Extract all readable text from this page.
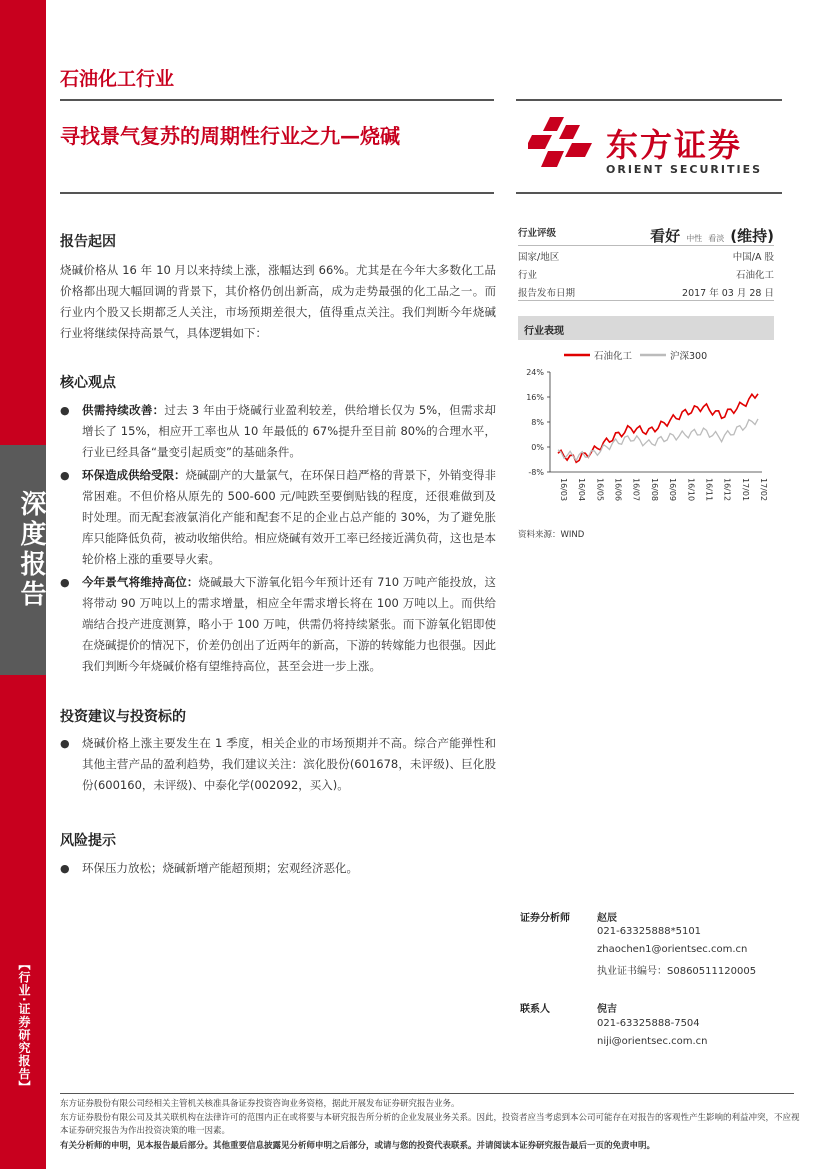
深度报告
【行业·证券研究报告】
石油化工行业
寻找景气复苏的周期性行业之九—烧碱	东方证券
ORIENT SECURITIES
报告起因
烧碱价格从 16 年 10 月以来持续上涨，涨幅达到 66%。尤其是在今年大多数化工品价格都出现大幅回调的背景下，其价格仍创出新高，成为走势最强的化工品之一。而行业内个股又长期都乏人关注，市场预期差很大，值得重点关注。我们判断今年烧碱行业将继续保持高景气，具体逻辑如下：
核心观点
●	供需持续改善：过去 3 年由于烧碱行业盈利较差，供给增长仅为 5%，但需求却增长了 15%，相应开工率也从 10 年最低的 67%提升至目前 80%的合理水平，行业已经具备“量变引起质变”的基础条件。
●	环保造成供给受限：烧碱副产的大量氯气，在环保日趋严格的背景下，外销变得非常困难。不但价格从原先的 500-600 元/吨跌至要倒贴钱的程度，还很难做到及时处理。而无配套液氯消化产能和配套不足的企业占总产能的 30%，为了避免胀库只能降低负荷，被动收缩供给。相应烧碱有效开工率已经接近满负荷，这也是本轮价格上涨的重要导火索。
●	今年景气将维持高位：烧碱最大下游氧化铝今年预计还有 710 万吨产能投放，这将带动 90 万吨以上的需求增量，相应全年需求增长将在 100 万吨以上。而供给端结合投产进度测算，略小于 100 万吨，供需仍将持续紧张。而下游氧化铝即使在烧碱提价的情况下，价差仍创出了近两年的新高，下游的转嫁能力也很强。因此我们判断今年烧碱价格有望维持高位，甚至会进一步上涨。
投资建议与投资标的
●	烧碱价格上涨主要发生在 1 季度，相关企业的市场预期并不高。综合产能弹性和其他主营产品的盈利趋势，我们建议关注：滨化股份(601678，未评级)、巨化股份(600160，未评级)、中泰化学(002092，买入)。
风险提示
●	环保压力放松；烧碱新增产能超预期；宏观经济恶化。
行业评级	看好 中性 看淡 (维持)
国家/地区	中国/A 股
行业	石油化工
报告发布日期	2017 年 03 月 28 日
行业表现
石油化工	沪深300
24%
16%
8%
0%
-8%
16/03 16/04 16/05 16/06 16/07 16/08 16/09 16/10 16/11 16/12 17/01 17/02
资料来源：WIND
证券分析师	赵辰
021-63325888*5101
zhaochen1@orientsec.com.cn
执业证书编号：S0860511120005
联系人	倪吉
021-63325888-7504
niji@orientsec.com.cn
东方证券股份有限公司经相关主管机关核准具备证券投资咨询业务资格，据此开展发布证券研究报告业务。
东方证券股份有限公司及其关联机构在法律许可的范围内正在或将要与本研究报告所分析的企业发展业务关系。因此，投资者应当考虑到本公司可能存在对报告的客观性产生影响的利益冲突，不应视本证券研究报告为作出投资决策的唯一因素。
有关分析师的申明，见本报告最后部分。其他重要信息披露见分析师申明之后部分，或请与您的投资代表联系。并请阅读本证券研究报告最后一页的免责申明。
